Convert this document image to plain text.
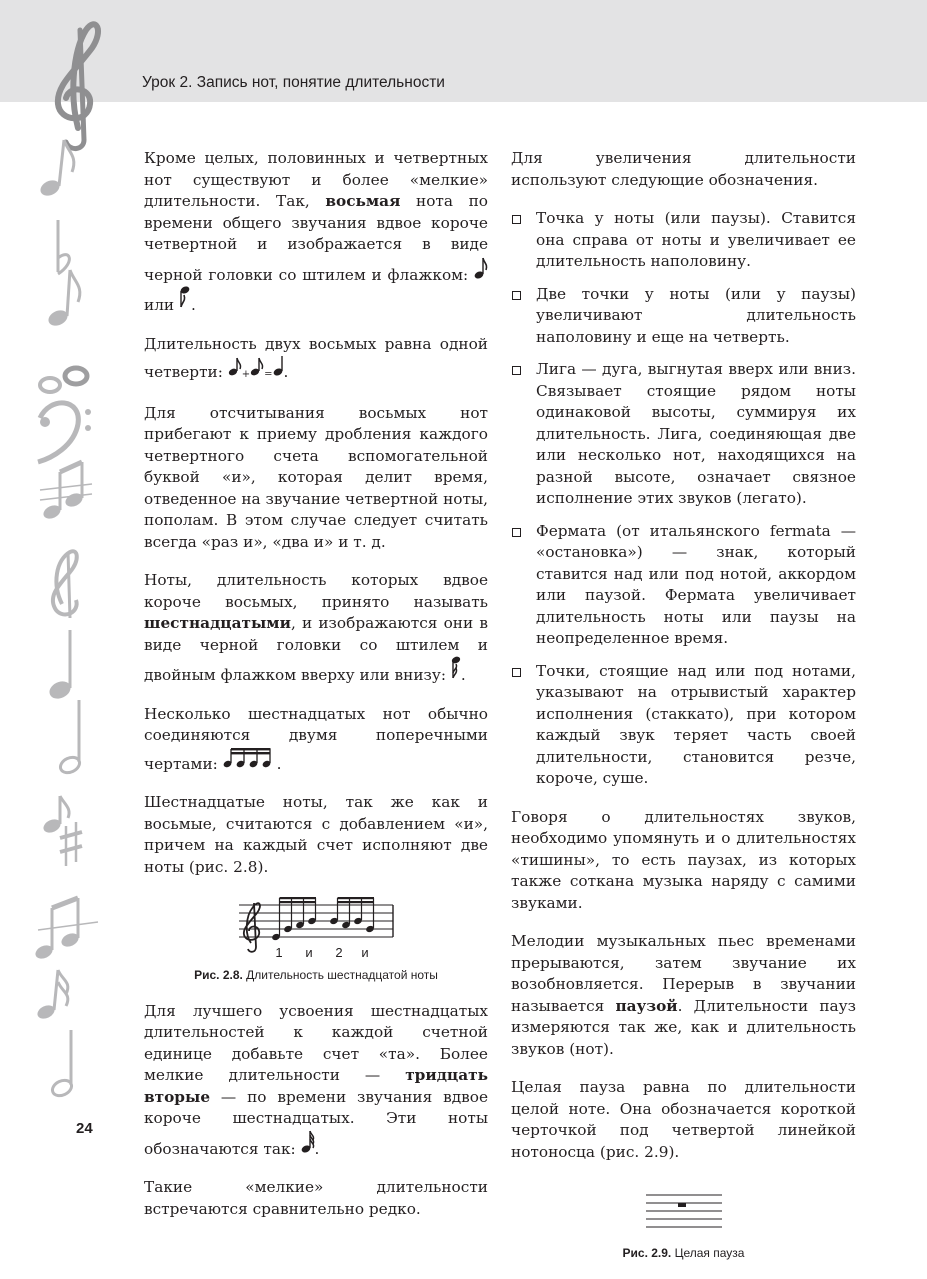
Урок 2. Запись нот, понятие длительности
24

Кроме целых, половинных и четвертных нот существуют и более «мелкие» длительности. Так, восьмая нота по времени общего звучания вдвое короче четвертной и изображается в виде черной головки со штилем и флажком:  или .

Длительность двух восьмых равна одной четверти: + = .

Для отсчитывания восьмых нот прибегают к приему дробления каждого четвертного счета вспомогательной буквой «и», которая делит время, отведенное на звучание четвертной ноты, пополам. В этом случае следует считать всегда «раз и», «два и» и т. д.

Ноты, длительность которых вдвое короче восьмых, принято называть шестнадцатыми, и изображаются они в виде черной головки со штилем и двойным флажком вверху или внизу: .

Несколько шестнадцатых нот обычно соединяются двумя поперечными чертами:	.

Шестнадцатые ноты, так же как и восьмые, считаются с добавлением «и», причем на каждый счет исполняют две ноты (рис. 2.8).

1 и 2 и
Рис. 2.8. Длительность шестнадцатой ноты

Для лучшего усвоения шестнадцатых длительностей к каждой счетной единице добавьте счет «та». Более мелкие длительности — тридцать вторые — по времени звучания вдвое короче шестнадцатых. Эти ноты обозначаются так: .

Такие «мелкие» длительности встречаются сравнительно редко.

Для увеличения длительности используют следующие обозначения.

Точка у ноты (или паузы). Ставится она справа от ноты и увеличивает ее длительность наполовину.
Две точки у ноты (или у паузы) увеличивают длительность наполовину и еще на четверть.
Лига — дуга, выгнутая вверх или вниз. Связывает стоящие рядом ноты одинаковой высоты, суммируя их длительность. Лига, соединяющая две или несколько нот, находящихся на разной высоте, означает связное исполнение этих звуков (легато).
Фермата (от итальянского fermata — «остановка») — знак, который ставится над или под нотой, аккордом или паузой. Фермата увеличивает длительность ноты или паузы на неопределенное время.
Точки, стоящие над или под нотами, указывают на отрывистый характер исполнения (стаккато), при котором каждый звук теряет часть своей длительности, становится резче, короче, суше.

Говоря о длительностях звуков, необходимо упомянуть и о длительностях «тишины», то есть паузах, из которых также соткана музыка наряду с самими звуками.

Мелодии музыкальных пьес временами прерываются, затем звучание их возобновляется. Перерыв в звучании называется паузой. Длительности пауз измеряются так же, как и длительность звуков (нот).

Целая пауза равна по длительности целой ноте. Она обозначается короткой черточкой под четвертой линейкой нотоносца (рис. 2.9).

Рис. 2.9. Целая пауза
